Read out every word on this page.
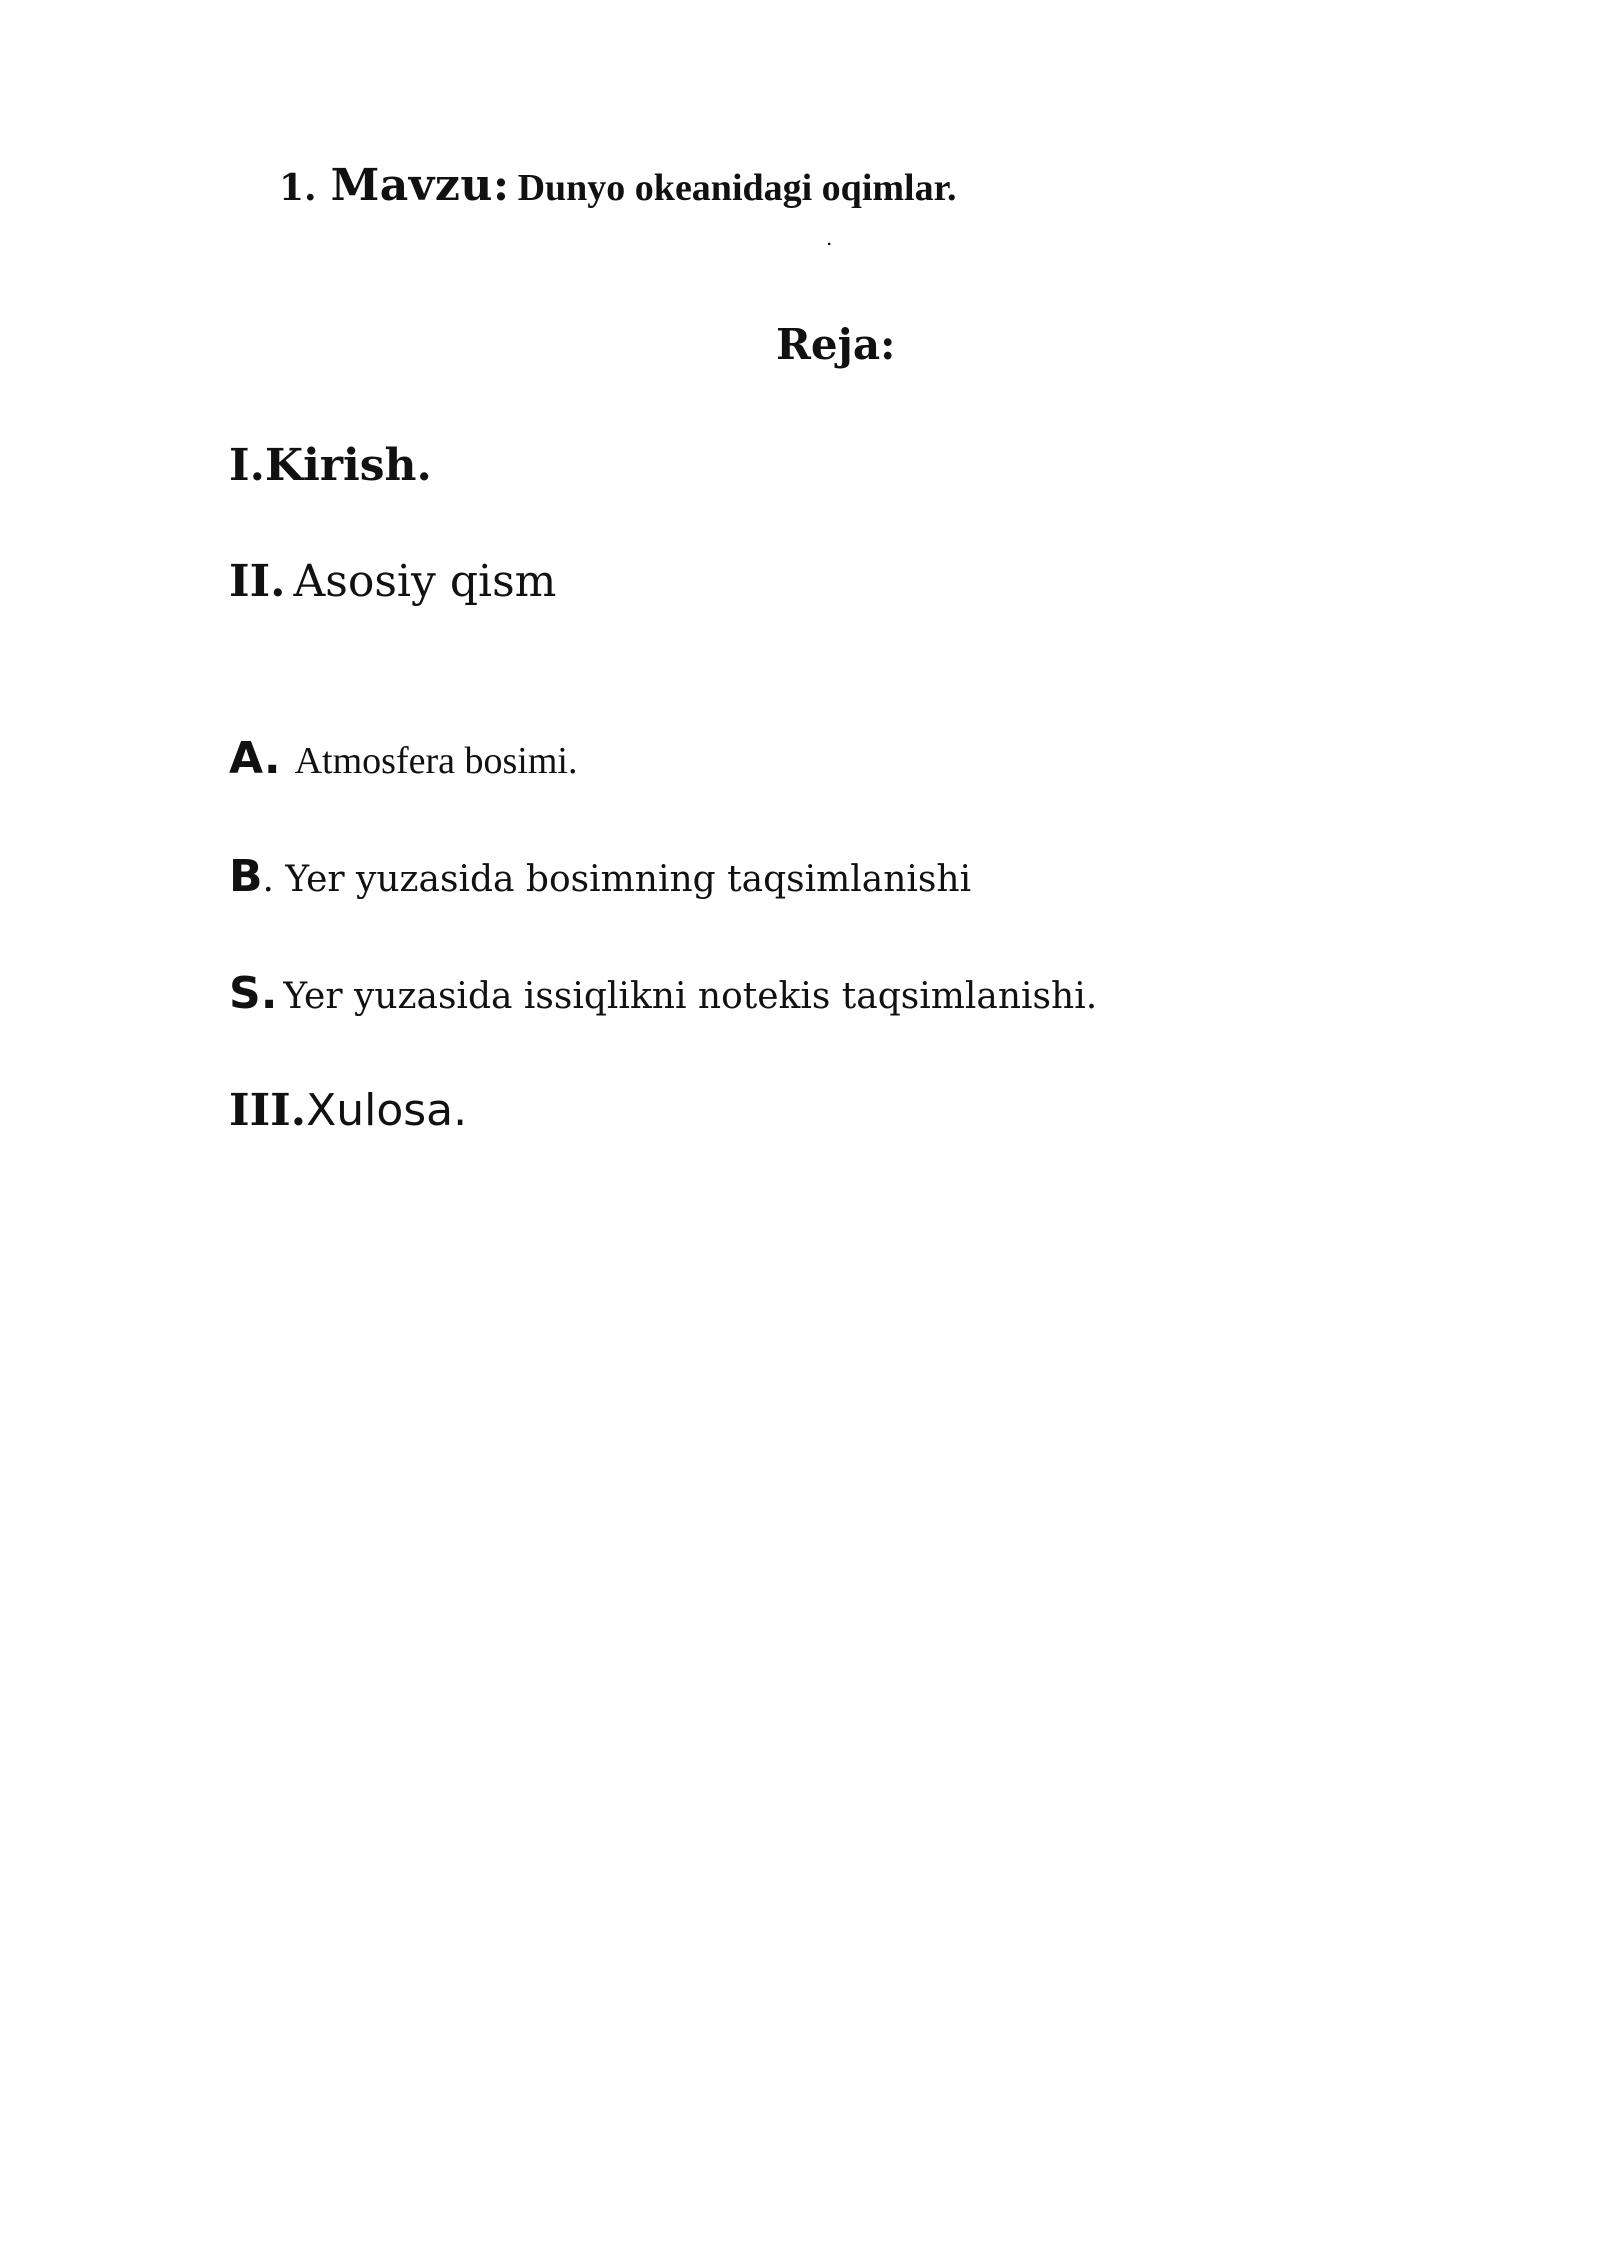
1. Mavzu: Dunyo okeanidagi oqimlar.
.
Reja:
I.Kirish.
II. Asosiy qism
A. Atmosfera bosimi.
B. Yer yuzasida bosimning taqsimlanishi
S. Yer yuzasida issiqlikni notekis taqsimlanishi.
III.Xulosa.
